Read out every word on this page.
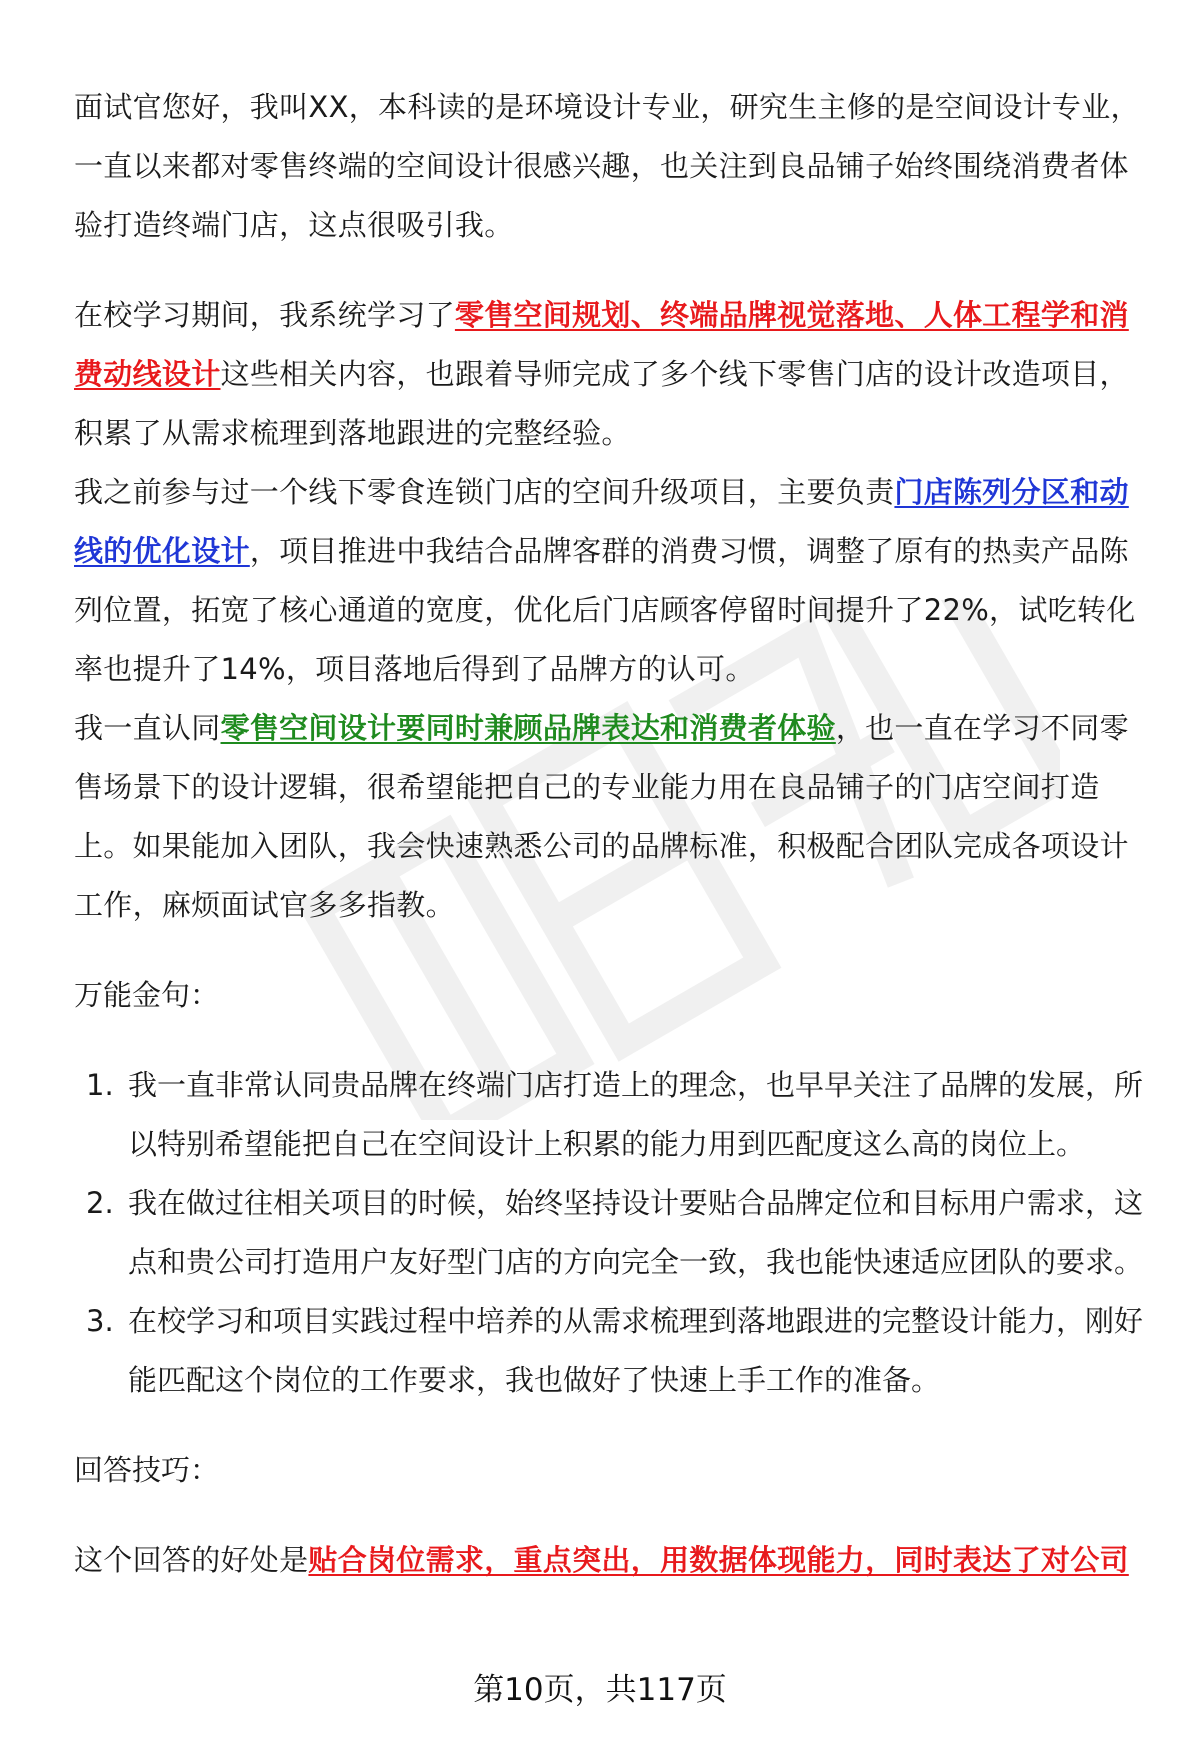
面试官您好，我叫XX，本科读的是环境设计专业，研究生主修的是空间设计专业，一直以来都对零售终端的空间设计很感兴趣，也关注到良品铺子始终围绕消费者体验打造终端门店，这点很吸引我。

在校学习期间，我系统学习了零售空间规划、终端品牌视觉落地、人体工程学和消费动线设计这些相关内容，也跟着导师完成了多个线下零售门店的设计改造项目，积累了从需求梳理到落地跟进的完整经验。

我之前参与过一个线下零食连锁门店的空间升级项目，主要负责门店陈列分区和动线的优化设计，项目推进中我结合品牌客群的消费习惯，调整了原有的热卖产品陈列位置，拓宽了核心通道的宽度，优化后门店顾客停留时间提升了22%，试吃转化率也提升了14%，项目落地后得到了品牌方的认可。

我一直认同零售空间设计要同时兼顾品牌表达和消费者体验，也一直在学习不同零售场景下的设计逻辑，很希望能把自己的专业能力用在良品铺子的门店空间打造上。如果能加入团队，我会快速熟悉公司的品牌标准，积极配合团队完成各项设计工作，麻烦面试官多多指教。

万能金句：

1. 我一直非常认同贵品牌在终端门店打造上的理念，也早早关注了品牌的发展，所以特别希望能把自己在空间设计上积累的能力用到匹配度这么高的岗位上。
2. 我在做过往相关项目的时候，始终坚持设计要贴合品牌定位和目标用户需求，这点和贵公司打造用户友好型门店的方向完全一致，我也能快速适应团队的要求。
3. 在校学习和项目实践过程中培养的从需求梳理到落地跟进的完整设计能力，刚好能匹配这个岗位的工作要求，我也做好了快速上手工作的准备。

回答技巧：

这个回答的好处是贴合岗位需求，重点突出，用数据体现能力，同时表达了对公司

第10页，共117页
